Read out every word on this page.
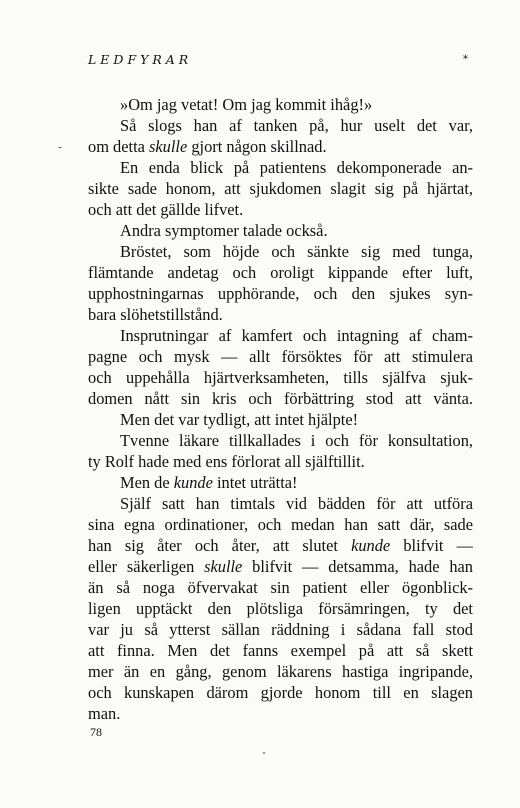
LEDFYRAR	*
-
»Om jag vetat! Om jag kommit ihåg!»
Så slogs han af tanken på, hur uselt det var,
om detta skulle gjort någon skillnad.
En enda blick på patientens dekomponerade an-
sikte sade honom, att sjukdomen slagit sig på hjärtat,
och att det gällde lifvet.
Andra symptomer talade också.
Bröstet, som höjde och sänkte sig med tunga,
flämtande andetag och oroligt kippande efter luft,
upphostningarnas upphörande, och den sjukes syn-
bara slöhetstillstånd.
Insprutningar af kamfert och intagning af cham-
pagne och mysk — allt försöktes för att stimulera
och uppehålla hjärtverksamheten, tills själfva sjuk-
domen nått sin kris och förbättring stod att vänta.
Men det var tydligt, att intet hjälpte!
Tvenne läkare tillkallades i och för konsultation,
ty Rolf hade med ens förlorat all själftillit.
Men de kunde intet uträtta!
Själf satt han timtals vid bädden för att utföra
sina egna ordinationer, och medan han satt där, sade
han sig åter och åter, att slutet kunde blifvit —
eller säkerligen skulle blifvit — detsamma, hade han
än så noga öfvervakat sin patient eller ögonblick-
ligen upptäckt den plötsliga försämringen, ty det
var ju så ytterst sällan räddning i sådana fall stod
att finna. Men det fanns exempel på att så skett
mer än en gång, genom läkarens hastiga ingripande,
och kunskapen därom gjorde honom till en slagen
man.
78
